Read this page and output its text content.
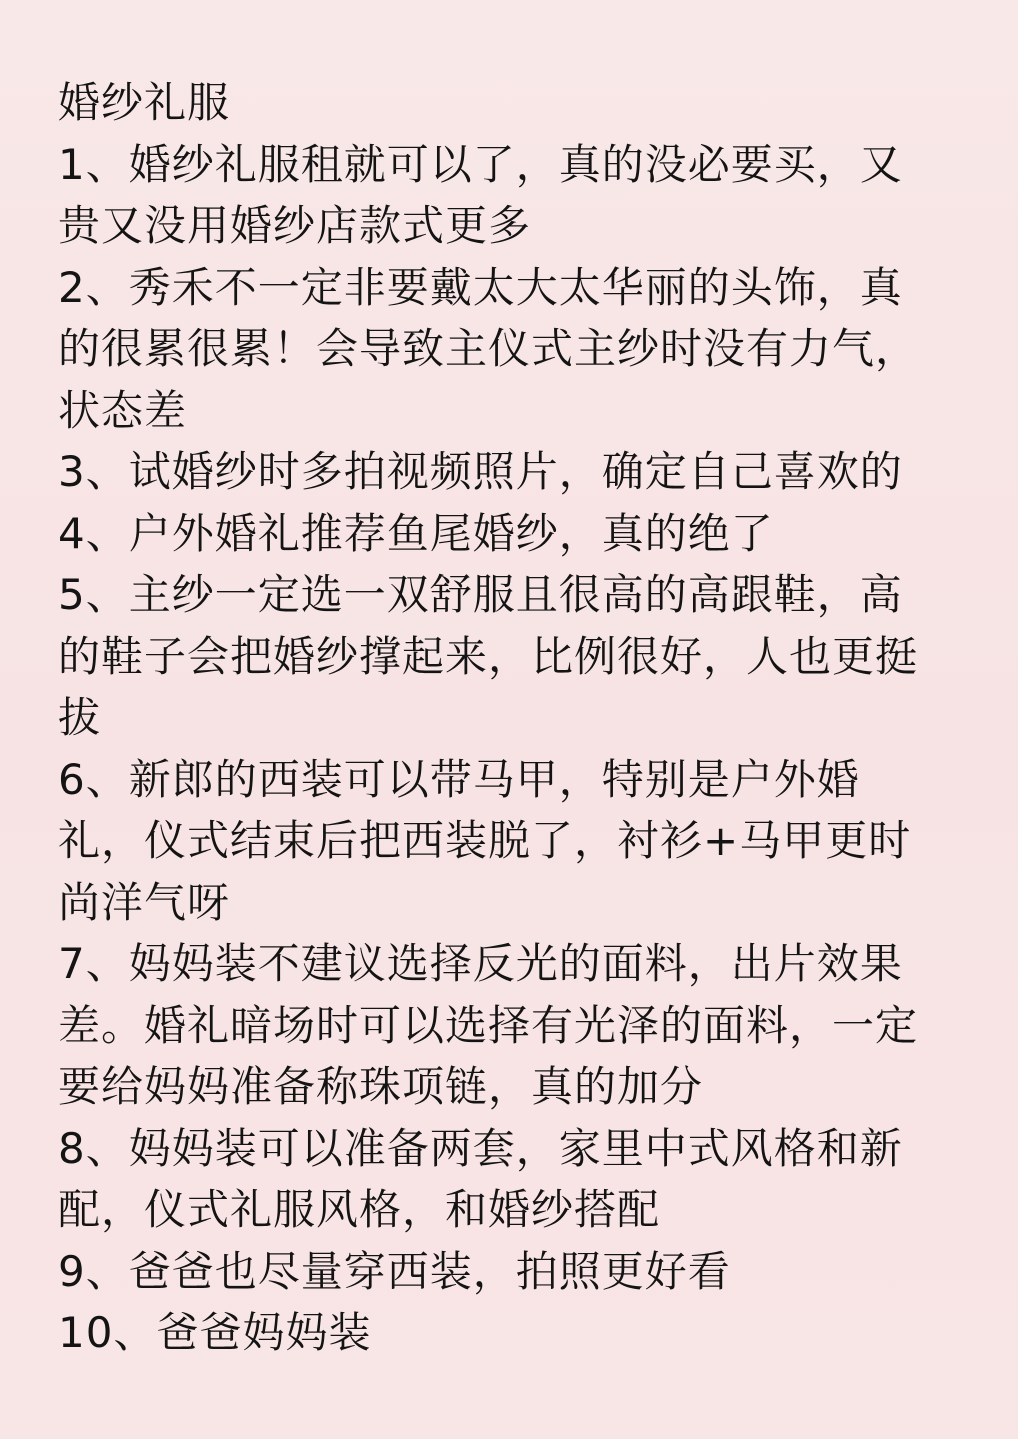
婚纱礼服
1、婚纱礼服租就可以了，真的没必要买，又
贵又没用婚纱店款式更多
2、秀禾不一定非要戴太大太华丽的头饰，真
的很累很累！会导致主仪式主纱时没有力气，
状态差
3、试婚纱时多拍视频照片，确定自己喜欢的
4、户外婚礼推荐鱼尾婚纱，真的绝了
5、主纱一定选一双舒服且很高的高跟鞋，高
的鞋子会把婚纱撑起来，比例很好，人也更挺
拔
6、新郎的西装可以带马甲，特别是户外婚
礼，仪式结束后把西装脱了，衬衫+马甲更时
尚洋气呀
7、妈妈装不建议选择反光的面料，出片效果
差。婚礼暗场时可以选择有光泽的面料，一定
要给妈妈准备称珠项链，真的加分
8、妈妈装可以准备两套，家里中式风格和新
配，仪式礼服风格，和婚纱搭配
9、爸爸也尽量穿西装，拍照更好看
10、爸爸妈妈装
